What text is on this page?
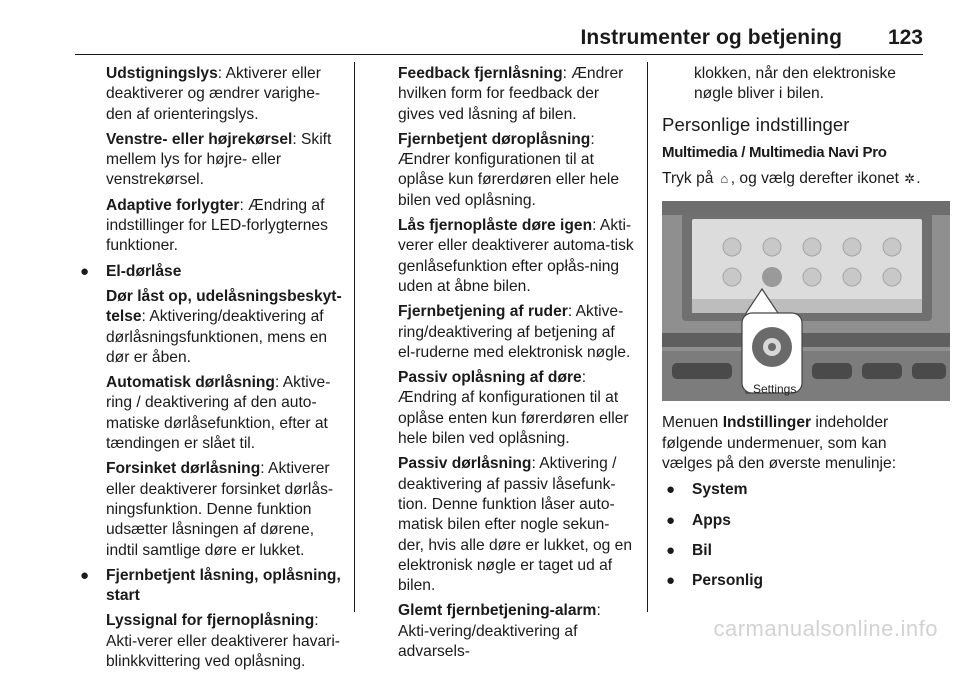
Instrumenter og betjening 123

Udstigningslys: Aktiverer eller deaktiverer og ændrer varighe-den af orienteringslys.

Venstre- eller højrekørsel: Skift mellem lys for højre- eller venstrekørsel.

Adaptive forlygter: Ændring af indstillinger for LED-forlygternes funktioner.

● El-dørlåse

Dør låst op, udelåsningsbeskyt-telse: Aktivering/deaktivering af dørlåsningsfunktionen, mens en dør er åben.

Automatisk dørlåsning: Aktive-ring / deaktivering af den auto-matiske dørlåsefunktion, efter at tændingen er slået til.

Forsinket dørlåsning: Aktiverer eller deaktiverer forsinket dørlås-ningsfunktion. Denne funktion udsætter låsningen af dørene, indtil samtlige døre er lukket.

● Fjernbetjent låsning, oplåsning, start

Lyssignal for fjernoplåsning: Akti-verer eller deaktiverer havari-blinkkvittering ved oplåsning.

Feedback fjernlåsning: Ændrer hvilken form for feedback der gives ved låsning af bilen.

Fjernbetjent døroplåsning: Ændrer konfigurationen til at oplåse kun førerdøren eller hele bilen ved oplåsning.

Lås fjernoplåste døre igen: Akti-verer eller deaktiverer automa-tisk genlåsefunktion efter opłås-ning uden at åbne bilen.

Fjernbetjening af ruder: Aktive-ring/deaktivering af betjening af el-ruderne med elektronisk nøgle.

Passiv oplåsning af døre: Ændring af konfigurationen til at oplåse enten kun førerdøren eller hele bilen ved oplåsning.

Passiv dørlåsning: Aktivering / deaktivering af passiv låsefunk-tion. Denne funktion låser auto-matisk bilen efter nogle sekun-der, hvis alle døre er lukket, og en elektronisk nøgle er taget ud af bilen.

Glemt fjernbetjening-alarm: Akti-vering/deaktivering af advarsels-

klokken, når den elektroniske nøgle bliver i bilen.

Personlige indstillinger
Multimedia / Multimedia Navi Pro

Tryk på ⌂ , og vælg derefter ikonet ✲.

Settings

Menuen Indstillinger indeholder følgende undermenuer, som kan vælges på den øverste menulinje:

● System
● Apps
● Bil
● Personlig
carmanualsonline.info
